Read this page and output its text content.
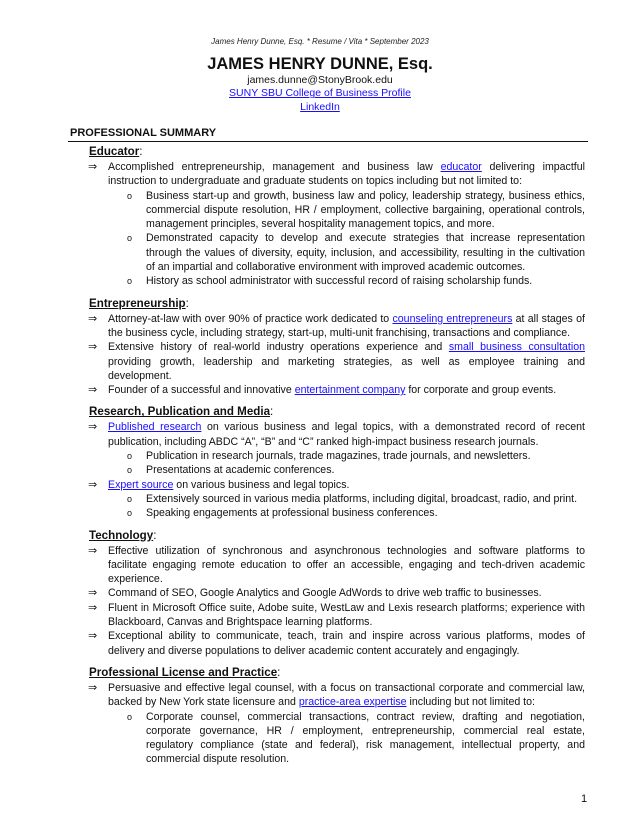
James Henry Dunne, Esq. * Resume / Vita * September 2023
JAMES HENRY DUNNE, Esq.
james.dunne@StonyBrook.edu
SUNY SBU College of Business Profile
LinkedIn
PROFESSIONAL SUMMARY
Educator:
⇒ Accomplished entrepreneurship, management and business law educator delivering impactful instruction to undergraduate and graduate students on topics including but not limited to:
o Business start-up and growth, business law and policy, leadership strategy, business ethics, commercial dispute resolution, HR / employment, collective bargaining, operational controls, management principles, several hospitality management topics, and more.
o Demonstrated capacity to develop and execute strategies that increase representation through the values of diversity, equity, inclusion, and accessibility, resulting in the cultivation of an impartial and collaborative environment with improved academic outcomes.
o History as school administrator with successful record of raising scholarship funds.
Entrepreneurship:
⇒ Attorney-at-law with over 90% of practice work dedicated to counseling entrepreneurs at all stages of the business cycle, including strategy, start-up, multi-unit franchising, transactions and compliance.
⇒ Extensive history of real-world industry operations experience and small business consultation providing growth, leadership and marketing strategies, as well as employee training and development.
⇒ Founder of a successful and innovative entertainment company for corporate and group events.
Research, Publication and Media:
⇒ Published research on various business and legal topics, with a demonstrated record of recent publication, including ABDC “A”, “B” and “C” ranked high-impact business research journals.
o Publication in research journals, trade magazines, trade journals, and newsletters.
o Presentations at academic conferences.
⇒ Expert source on various business and legal topics.
o Extensively sourced in various media platforms, including digital, broadcast, radio, and print.
o Speaking engagements at professional business conferences.
Technology:
⇒ Effective utilization of synchronous and asynchronous technologies and software platforms to facilitate engaging remote education to offer an accessible, engaging and tech-driven academic experience.
⇒ Command of SEO, Google Analytics and Google AdWords to drive web traffic to businesses.
⇒ Fluent in Microsoft Office suite, Adobe suite, WestLaw and Lexis research platforms; experience with Blackboard, Canvas and Brightspace learning platforms.
⇒ Exceptional ability to communicate, teach, train and inspire across various platforms, modes of delivery and diverse populations to deliver academic content accurately and engagingly.
Professional License and Practice:
⇒ Persuasive and effective legal counsel, with a focus on transactional corporate and commercial law, backed by New York state licensure and practice-area expertise including but not limited to:
o Corporate counsel, commercial transactions, contract review, drafting and negotiation, corporate governance, HR / employment, entrepreneurship, commercial real estate, regulatory compliance (state and federal), risk management, intellectual property, and commercial dispute resolution.
1
